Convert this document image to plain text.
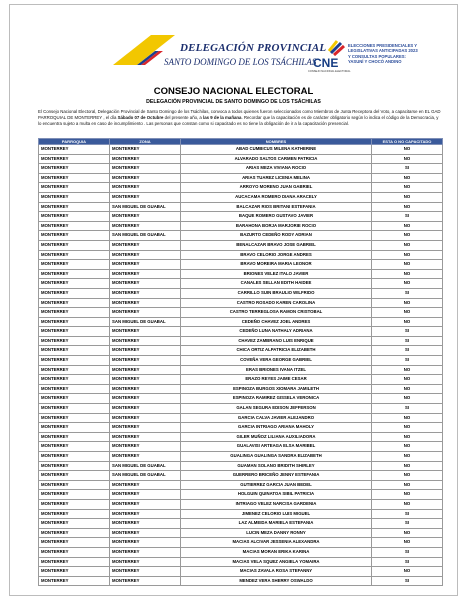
DELEGACIÓN PROVINCIAL
SANTO DOMINGO DE LOS TSÁCHILAS
CNE
CONSEJO NACIONAL ELECTORAL
ELECCIONES PRESIDENCIALES Y
LEGISLATIVAS ANTICIPADAS 2023
Y CONSULTAS POPULARES:
YASUNÍ Y CHOCÓ ANDINO
CONSEJO NACIONAL ELECTORAL
DELEGACIÓN PROVINCIAL DE SANTO DOMINGO DE LOS TSÁCHILAS

El Consejo Nacional Electoral, Delegación Provincial de Santo Domingo de los Tsáchilas, convoca a todos quienes fueron seleccionados como Miembros de Junta Receptora del Voto, a capacitarse en EL GAD PARROQUIAL DE MONTERREY , el día Sábado 07 de Octubre del presente año, a las 9 de la mañana. Recordar que la capacitación es de carácter obligatorio según lo indica el código de la Democracia, y lo encuentra sujeto a multa en caso de incumplimiento . Las personas que constan como si capacitado es no tiene la obligación de ir a la capacitación presencial.

PARROQUIA	ZONA	NOMBRES	ESTA O NO CAPACITADO
MONTERREY	MONTERREY	ABAD CUMBICUS MILENA KATHERINE	NO
MONTERREY	MONTERREY	ALVARADO SALTOS CARMEN PATRICIA	NO
MONTERREY	MONTERREY	ARIAS MEZA VIVIANA ROCIO	SI
MONTERREY	MONTERREY	ARIAS TUAREZ LICENIA MELINA	NO
MONTERREY	MONTERREY	ARROYO MORENO JUAN GABRIEL	NO
MONTERREY	MONTERREY	AUCACAMA ROMERO DIANA ARACELY	NO
MONTERREY	SAN MIGUEL DE GUABAL	BALCAZAR RIOS BRITANI ESTEFANIA	NO
MONTERREY	MONTERREY	BAQUE ROMERO GUSTAVO JAVIER	SI
MONTERREY	MONTERREY	BARAHONA BORJA MARJORIE ROCIO	NO
MONTERREY	SAN MIGUEL DE GUABAL	BAZURTO CEDEÑO RODY ADRIAN	NO
MONTERREY	MONTERREY	BENALCAZAR BRAVO JOSE GABRIEL	NO
MONTERREY	MONTERREY	BRAVO CELORIO JORGE ANDRES	NO
MONTERREY	MONTERREY	BRAVO MOREIRA MARIA LEONOR	NO
MONTERREY	MONTERREY	BRIONES VELEZ ITALO JAVIER	NO
MONTERREY	MONTERREY	CANALES SELLAN EDITH HAIDEE	NO
MONTERREY	MONTERREY	CARRILLO SUIN BRAULIO WILFRIDO	SI
MONTERREY	MONTERREY	CASTRO ROSADO KAREN CAROLINA	NO
MONTERREY	MONTERREY	CASTRO TERREGLOSA RAMON CRISTOBAL	NO
MONTERREY	SAN MIGUEL DE GUABAL	CEDEÑO CHAVEZ JOEL ANDRES	NO
MONTERREY	MONTERREY	CEDEÑO LUNA NATHALY ADRIANA	SI
MONTERREY	MONTERREY	CHAVEZ ZAMBRANO LUIS ENRIQUE	SI
MONTERREY	MONTERREY	CHICA ORTIZ ALPATRICIA ELIZABETH	SI
MONTERREY	MONTERREY	COVEÑA VERA GEORGE GABRIEL	SI
MONTERREY	MONTERREY	ERAS BRIONES IVANA ITZEL	NO
MONTERREY	MONTERREY	ERAZO REYES JAIME CESAR	NO
MONTERREY	MONTERREY	ESPINOZA BURGOS XIOMARA JAMILETH	NO
MONTERREY	MONTERREY	ESPINOZA RAMIREZ GISSELA VERONICA	NO
MONTERREY	MONTERREY	GALAN SEGURA EDISON JEFFERSON	SI
MONTERREY	MONTERREY	GARCIA CALVA JAVIER ALEJANDRO	NO
MONTERREY	MONTERREY	GARCIA INTRIAGO ARIANA MAHOLY	NO
MONTERREY	MONTERREY	GILER MUÑOZ LILIANA AUXILIADORA	NO
MONTERREY	MONTERREY	GUALAVISI ARTEAGA ELSA MARIBEL	NO
MONTERREY	MONTERREY	GUALINGA GUALINGA SANDRA ELIZABETH	NO
MONTERREY	SAN MIGUEL DE GUABAL	GUAMAN SOLANO BRIDITH SHIRLEY	NO
MONTERREY	SAN MIGUEL DE GUABAL	GUERRERO BRICEÑO JENNY ESTEFANIA	NO
MONTERREY	MONTERREY	GUTIERREZ GARCIA JUAN BEDEL	NO
MONTERREY	MONTERREY	HOLGUIN QUINATOA SIBIL PATRICIA	NO
MONTERREY	MONTERREY	INTRIAGO VELEZ NARCISA GARDENIA	NO
MONTERREY	MONTERREY	JIMENEZ CELORIO LUIS MIGUEL	SI
MONTERREY	MONTERREY	LAZ ALMEIDA MARIELA ESTEFANIA	SI
MONTERREY	MONTERREY	LUCIN MEZA DANNY RONNY	NO
MONTERREY	MONTERREY	MACIAS ALCIVAR JESSENIA ALEXANDRA	NO
MONTERREY	MONTERREY	MACIAS MORAN ERIKA KARINA	SI
MONTERREY	MONTERREY	MACIAS VELA SQUEZ ANGIELA YOMAIRA	SI
MONTERREY	MONTERREY	MACIAS ZAVALA ROSA STEFANNY	NO
MONTERREY	MONTERREY	MENDEZ VERA SHERRY OSWALDO	SI
